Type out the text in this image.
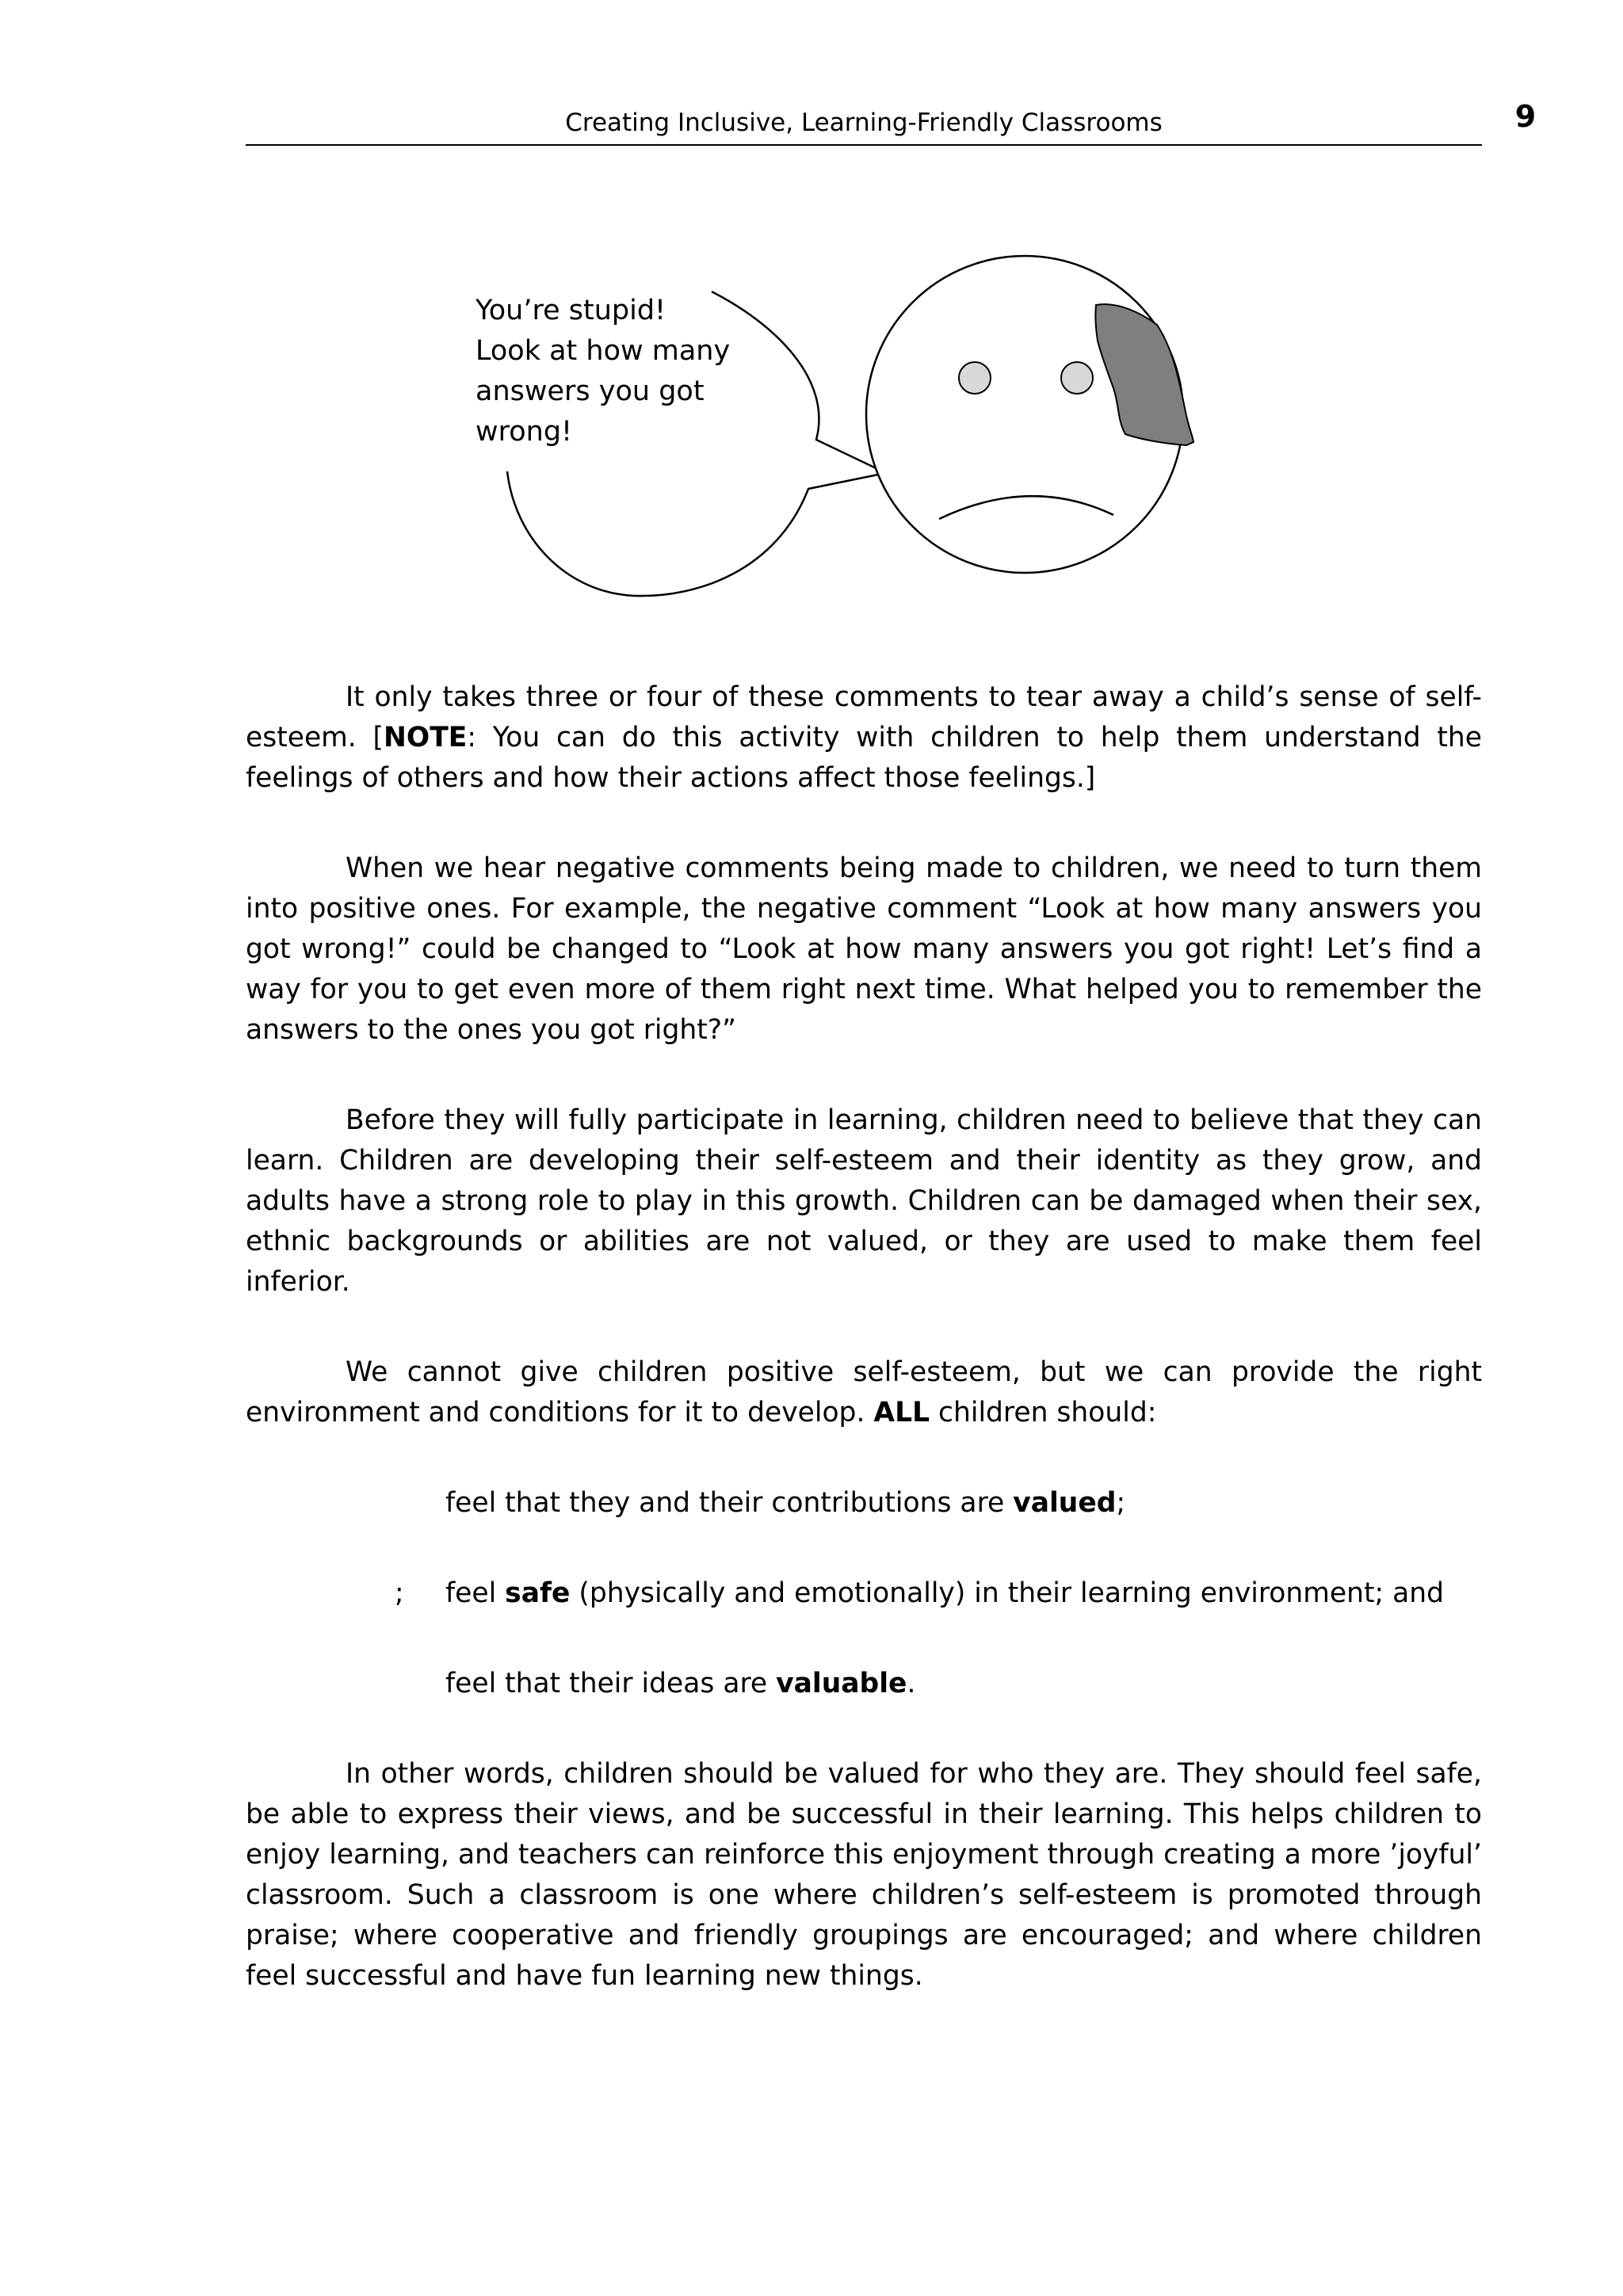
Creating Inclusive, Learning-Friendly Classrooms	9
You’re stupid!
Look at how many
answers you got
wrong!

It only takes three or four of these comments to tear away a child’s sense of self-esteem. [NOTE: You can do this activity with children to help them understand the feelings of others and how their actions affect those feelings.]

When we hear negative comments being made to children, we need to turn them into positive ones. For example, the negative comment “Look at how many answers you got wrong!” could be changed to “Look at how many answers you got right! Let’s find a way for you to get even more of them right next time. What helped you to remember the answers to the ones you got right?”

Before they will fully participate in learning, children need to believe that they can learn. Children are developing their self-esteem and their identity as they grow, and adults have a strong role to play in this growth. Children can be damaged when their sex, ethnic backgrounds or abilities are not valued, or they are used to make them feel inferior.

We cannot give children positive self-esteem, but we can provide the right environment and conditions for it to develop. ALL children should:

feel that they and their contributions are valued;

; feel safe (physically and emotionally) in their learning environment; and

feel that their ideas are valuable.

In other words, children should be valued for who they are. They should feel safe, be able to express their views, and be successful in their learning. This helps children to enjoy learning, and teachers can reinforce this enjoyment through creating a more ’joyful’ classroom. Such a classroom is one where children’s self-esteem is promoted through praise; where cooperative and friendly groupings are encouraged; and where children feel successful and have fun learning new things.
